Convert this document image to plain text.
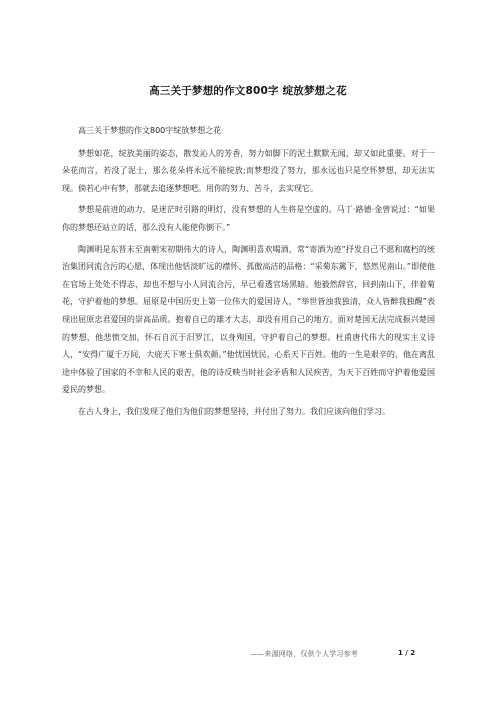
高三关于梦想的作文800字 绽放梦想之花

高三关于梦想的作文800字绽放梦想之花

梦想如花，绽放美丽的姿态，散发沁人的芳香，努力如脚下的泥土默默无闻，却又如此重要。对于一朵花而言，若没了泥土，那么花朵将永远不能绽放;而梦想没了努力，那永远也只是空怀梦想，却无法实现。倘若心中有梦，那就去追逐梦想吧。用你的努力、苦斗，去实现它。

梦想是前进的动力，是迷茫时引路的明灯，没有梦想的人生将是空虚的。马丁·路德·金曾说过：“如果你的梦想还站立的话，那么没有人能使你倒下。”

陶渊明是东晋末至南朝宋初期伟大的诗人，陶渊明喜欢喝酒，常“寄酒为迹”抒发自己不愿和腐朽的统治集团同流合污的心愿，体现出他恬淡旷远的襟怀、孤傲高洁的品格：“采菊东篱下，悠然见南山。”即使他在官场上处处不得志，却也不想与小人同流合污，早已看透官场黑暗。他毅然辞官，回到南山下，伴着菊花，守护着他的梦想。屈原是中国历史上第一位伟大的爱国诗人，“举世皆浊我独清，众人皆醉我独醒”表现出屈原忠君爱国的崇高品质。抱着自己的雄才大志，却没有用自己的地方，面对楚国无法完成振兴楚国的梦想，他悲愤交加，怀石自沉于汨罗江，以身殉国，守护着自己的梦想。杜甫唐代伟大的现实主义诗人，“安得广厦千万间，大庇天下寒士俱欢颜。”他忧国忧民，心系天下百姓。他的一生是艰辛的，他在离乱途中体验了国家的不幸和人民的艰苦，他的诗反映当时社会矛盾和人民疾苦，为天下百姓而守护着他爱国爱民的梦想。

在古人身上，我们发现了他们为他们的梦想坚持，并付出了努力。我们应该向他们学习。

——来源网络，仅供个人学习参考	1 / 2
